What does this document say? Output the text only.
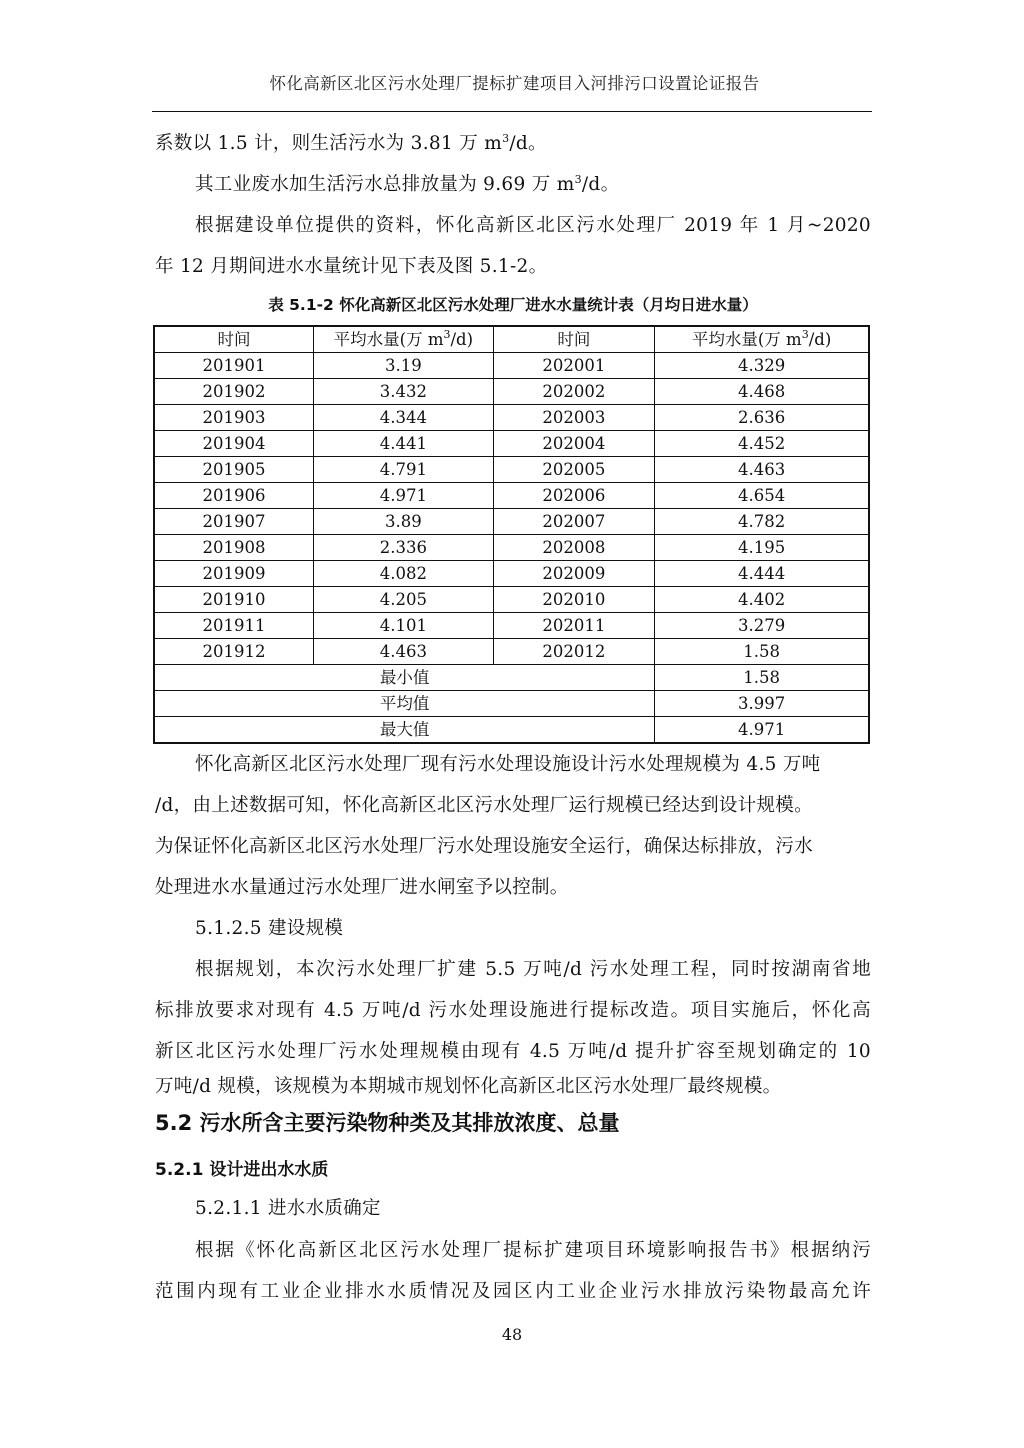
怀化高新区北区污水处理厂提标扩建项目入河排污口设置论证报告
系数以 1.5 计，则生活污水为 3.81 万 $m^3/d$。
其工业废水加生活污水总排放量为 9.69 万 $m^3/d$。
根据建设单位提供的资料，怀化高新区北区污水处理厂 2019 年 1 月~2020
年 12 月期间进水水量统计见下表及图 5.1-2。
表 5.1-2 怀化高新区北区污水处理厂进水水量统计表（月均日进水量）
时间	平均水量(万 $m^3/d$)	时间	平均水量(万 $m^3/d$)
201901	3.19	202001	4.329
201902	3.432	202002	4.468
201903	4.344	202003	2.636
201904	4.441	202004	4.452
201905	4.791	202005	4.463
201906	4.971	202006	4.654
201907	3.89	202007	4.782
201908	2.336	202008	4.195
201909	4.082	202009	4.444
201910	4.205	202010	4.402
201911	4.101	202011	3.279
201912	4.463	202012	1.58
最小值			1.58
平均值			3.997
最大值			4.971
怀化高新区北区污水处理厂现有污水处理设施设计污水处理规模为 4.5 万吨
/d，由上述数据可知，怀化高新区北区污水处理厂运行规模已经达到设计规模。
为保证怀化高新区北区污水处理厂污水处理设施安全运行，确保达标排放，污水
处理进水水量通过污水处理厂进水闸室予以控制。
5.1.2.5 建设规模
根据规划，本次污水处理厂扩建 5.5 万吨/d 污水处理工程，同时按湖南省地
标排放要求对现有 4.5 万吨/d 污水处理设施进行提标改造。项目实施后，怀化高
新区北区污水处理厂污水处理规模由现有 4.5 万吨/d 提升扩容至规划确定的 10
万吨/d 规模，该规模为本期城市规划怀化高新区北区污水处理厂最终规模。
5.2 污水所含主要污染物种类及其排放浓度、总量
5.2.1 设计进出水水质
5.2.1.1 进水水质确定
根据《怀化高新区北区污水处理厂提标扩建项目环境影响报告书》根据纳污
范围内现有工业企业排水水质情况及园区内工业企业污水排放污染物最高允许
48
